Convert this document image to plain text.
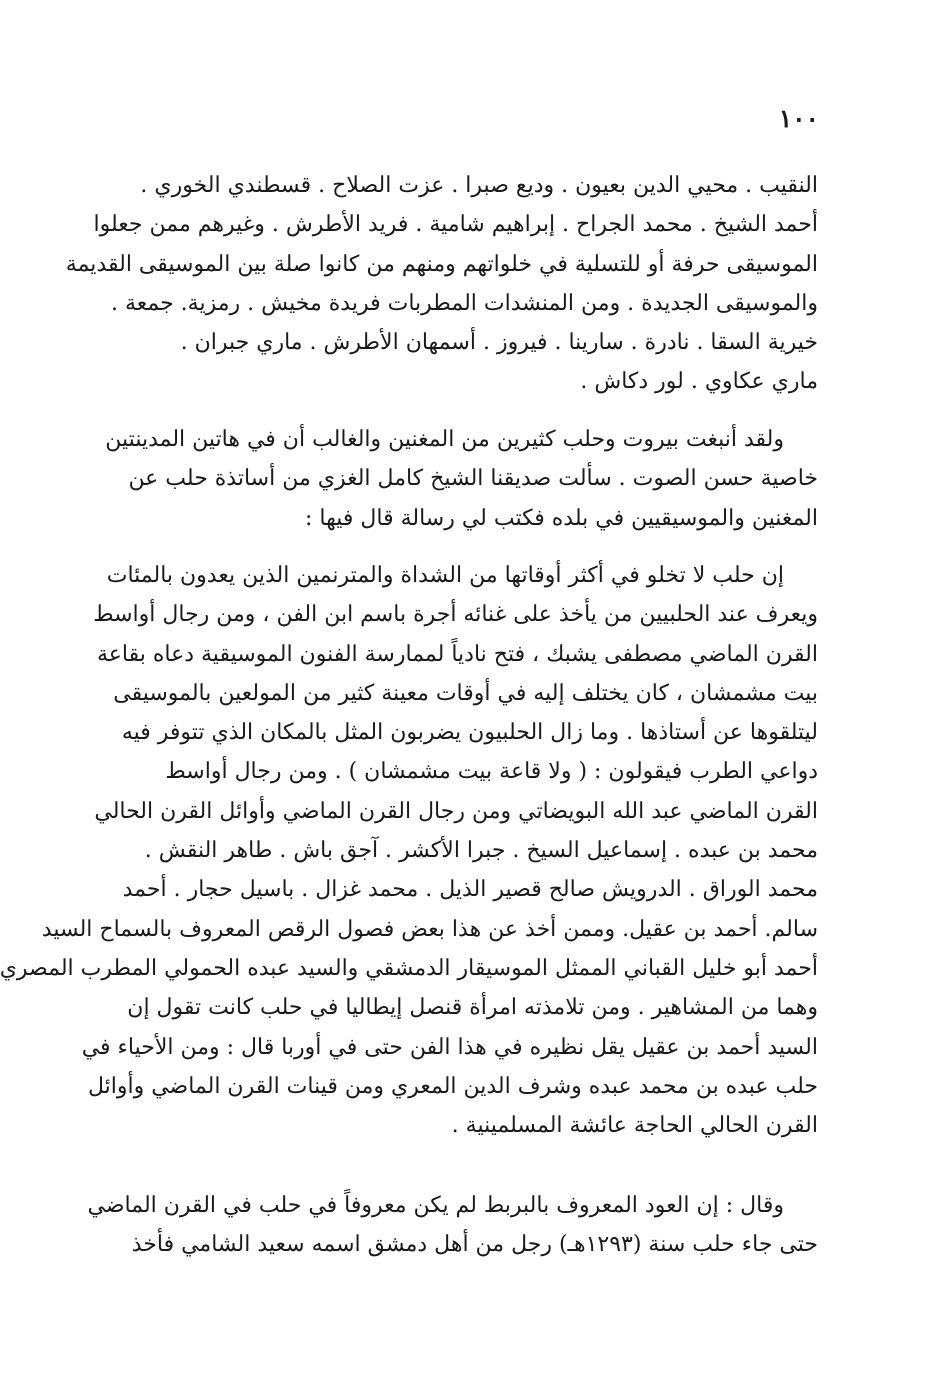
١٠٠
النقيب . محيي الدين بعيون . وديع صبرا . عزت الصلاح . قسطندي الخوري .
أحمد الشيخ . محمد الجراح . إبراهيم شامية . فريد الأطرش . وغيرهم ممن جعلوا
الموسيقى حرفة أو للتسلية في خلواتهم ومنهم من كانوا صلة بين الموسيقى القديمة
والموسيقى الجديدة . ومن المنشدات المطربات فريدة مخيش . رمزية. جمعة .
خيرية السقا . نادرة . سارينا . فيروز . أسمهان الأطرش . ماري جبران .
ماري عكاوي . لور دكاش .
ولقد أنبغت بيروت وحلب كثيرين من المغنين والغالب أن في هاتين المدينتين
خاصية حسن الصوت . سألت صديقنا الشيخ كامل الغزي من أساتذة حلب عن
المغنين والموسيقيين في بلده فكتب لي رسالة قال فيها :
إن حلب لا تخلو في أكثر أوقاتها من الشداة والمترنمين الذين يعدون بالمئات
ويعرف عند الحلبيين من يأخذ على غنائه أجرة باسم ابن الفن ، ومن رجال أواسط
القرن الماضي مصطفى يشبك ، فتح نادياً لممارسة الفنون الموسيقية دعاه بقاعة
بيت مشمشان ، كان يختلف إليه في أوقات معينة كثير من المولعين بالموسيقى
ليتلقوها عن أستاذها . وما زال الحلبيون يضربون المثل بالمكان الذي تتوفر فيه
دواعي الطرب فيقولون : ( ولا قاعة بيت مشمشان ) . ومن رجال أواسط
القرن الماضي عبد الله البويضاتي ومن رجال القرن الماضي وأوائل القرن الحالي
محمد بن عبده . إسماعيل السيخ . جبرا الأكشر . آجق باش . طاهر النقش .
محمد الوراق . الدرويش صالح قصير الذيل . محمد غزال . باسيل حجار . أحمد
سالم. أحمد بن عقيل. وممن أخذ عن هذا بعض فصول الرقص المعروف بالسماح السيد
أحمد أبو خليل القباني الممثل الموسيقار الدمشقي والسيد عبده الحمولي المطرب المصري
وهما من المشاهير . ومن تلامذته امرأة قنصل إيطاليا في حلب كانت تقول إن
السيد أحمد بن عقيل يقل نظيره في هذا الفن حتى في أوربا قال : ومن الأحياء في
حلب عبده بن محمد عبده وشرف الدين المعري ومن قينات القرن الماضي وأوائل
القرن الحالي الحاجة عائشة المسلمينية .
وقال : إن العود المعروف بالبربط لم يكن معروفاً في حلب في القرن الماضي
حتى جاء حلب سنة (١٢٩٣هـ) رجل من أهل دمشق اسمه سعيد الشامي فأخذ
